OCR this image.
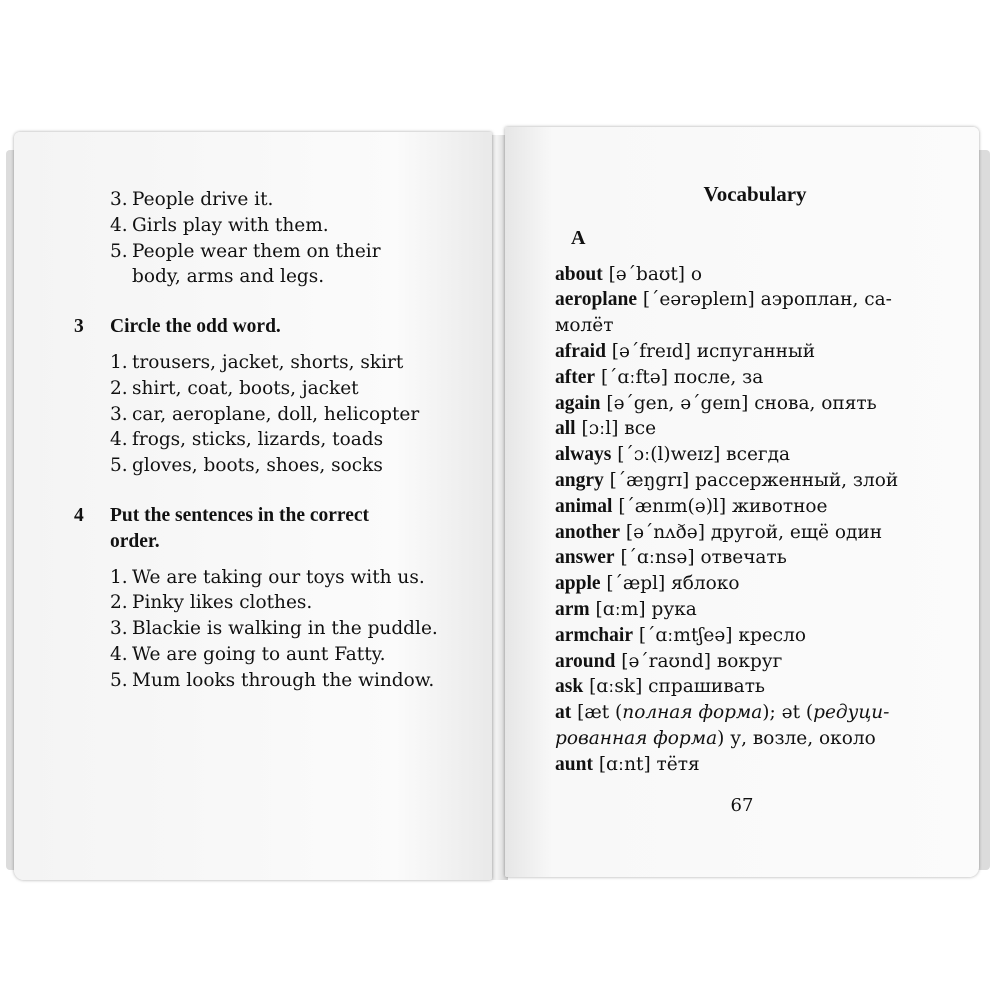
3. People drive it.
4. Girls play with them.
5. People wear them on their
body, arms and legs.
3	Circle the odd word.
1. trousers, jacket, shorts, skirt
2. shirt, coat, boots, jacket
3. car, aeroplane, doll, helicopter
4. frogs, sticks, lizards, toads
5. gloves, boots, shoes, socks
4	Put the sentences in the correct
order.
1. We are taking our toys with us.
2. Pinky likes clothes.
3. Blackie is walking in the puddle.
4. We are going to aunt Fatty.
5. Mum looks through the window.
Vocabulary
A
about [əˊbaʊt] о
aeroplane [ˊeərəpleɪn] аэроплан, са-
молёт
afraid [əˊfreɪd] испуганный
after [ˊɑːftə] после, за
again [əˊgen, əˊgeɪn] снова, опять
all [ɔːl] все
always [ˊɔː(l)weɪz] всегда
angry [ˊæŋgrɪ] рассерженный, злой
animal [ˊænɪm(ə)l] животное
another [əˊnʌðə] другой, ещё один
answer [ˊɑːnsə] отвечать
apple [ˊæpl] яблоко
arm [ɑːm] рука
armchair [ˊɑːmtʃeə] кресло
around [əˊraʊnd] вокруг
ask [ɑːsk] спрашивать
at [æt (полная форма); ət (редуци-
рованная форма) у, возле, около
aunt [ɑːnt] тётя
67
